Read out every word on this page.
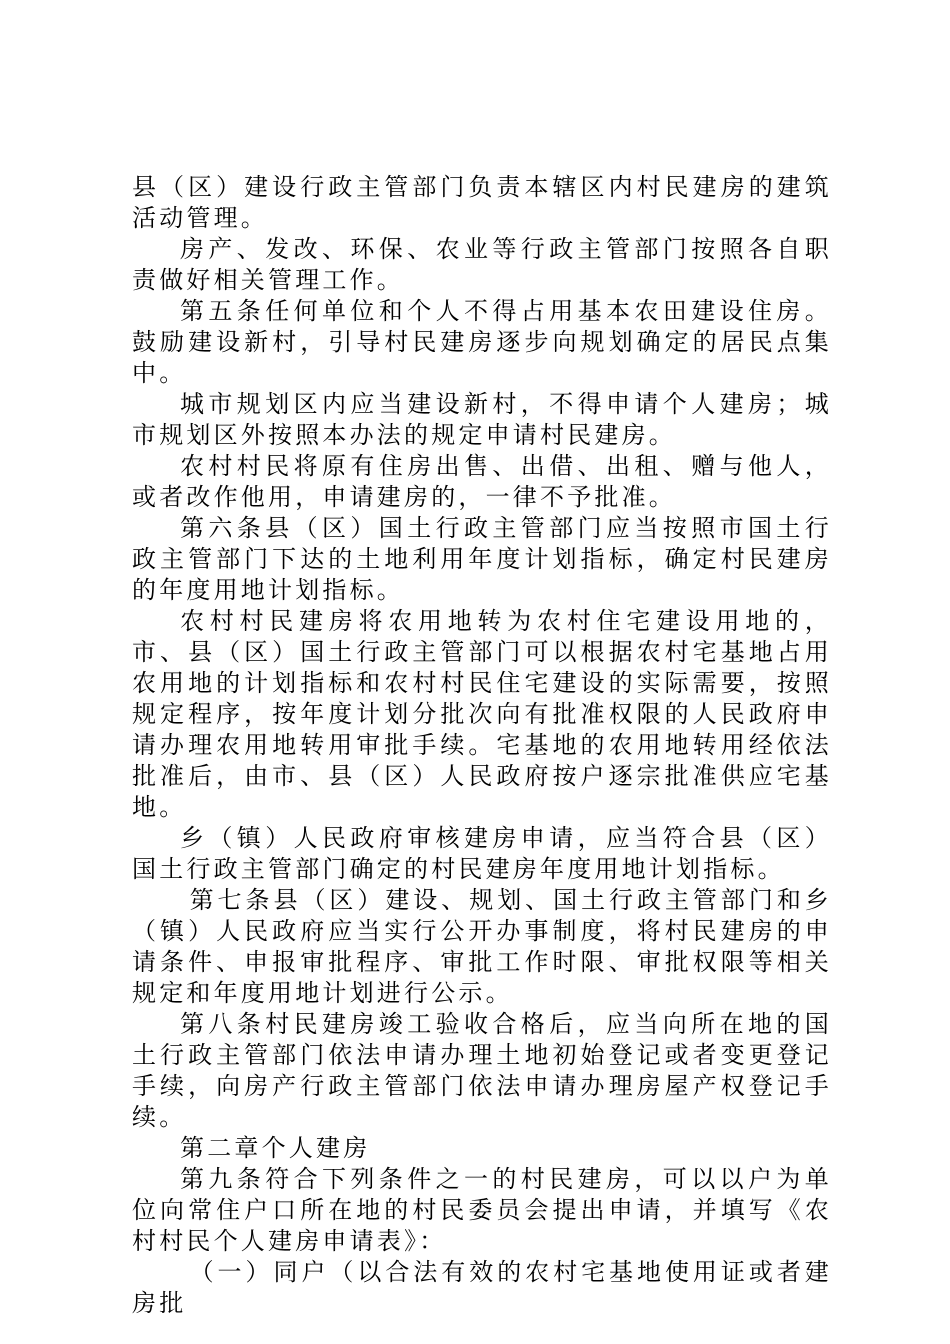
县（区）建设行政主管部门负责本辖区内村民建房的建筑活动管理。

房产、发改、环保、农业等行政主管部门按照各自职责做好相关管理工作。

第五条任何单位和个人不得占用基本农田建设住房。鼓励建设新村，引导村民建房逐步向规划确定的居民点集中。

城市规划区内应当建设新村，不得申请个人建房；城市规划区外按照本办法的规定申请村民建房。

农村村民将原有住房出售、出借、出租、赠与他人，或者改作他用，申请建房的，一律不予批准。

第六条县（区）国土行政主管部门应当按照市国土行政主管部门下达的土地利用年度计划指标，确定村民建房的年度用地计划指标。

农村村民建房将农用地转为农村住宅建设用地的，市、县（区）国土行政主管部门可以根据农村宅基地占用农用地的计划指标和农村村民住宅建设的实际需要，按照规定程序，按年度计划分批次向有批准权限的人民政府申请办理农用地转用审批手续。宅基地的农用地转用经依法批准后，由市、县（区）人民政府按户逐宗批准供应宅基地。

乡（镇）人民政府审核建房申请，应当符合县（区）国土行政主管部门确定的村民建房年度用地计划指标。

第七条县（区）建设、规划、国土行政主管部门和乡（镇）人民政府应当实行公开办事制度，将村民建房的申请条件、申报审批程序、审批工作时限、审批权限等相关规定和年度用地计划进行公示。

第八条村民建房竣工验收合格后，应当向所在地的国土行政主管部门依法申请办理土地初始登记或者变更登记手续，向房产行政主管部门依法申请办理房屋产权登记手续。

第二章个人建房

第九条符合下列条件之一的村民建房，可以以户为单位向常住户口所在地的村民委员会提出申请，并填写《农村村民个人建房申请表》：

（一）同户（以合法有效的农村宅基地使用证或者建房批
